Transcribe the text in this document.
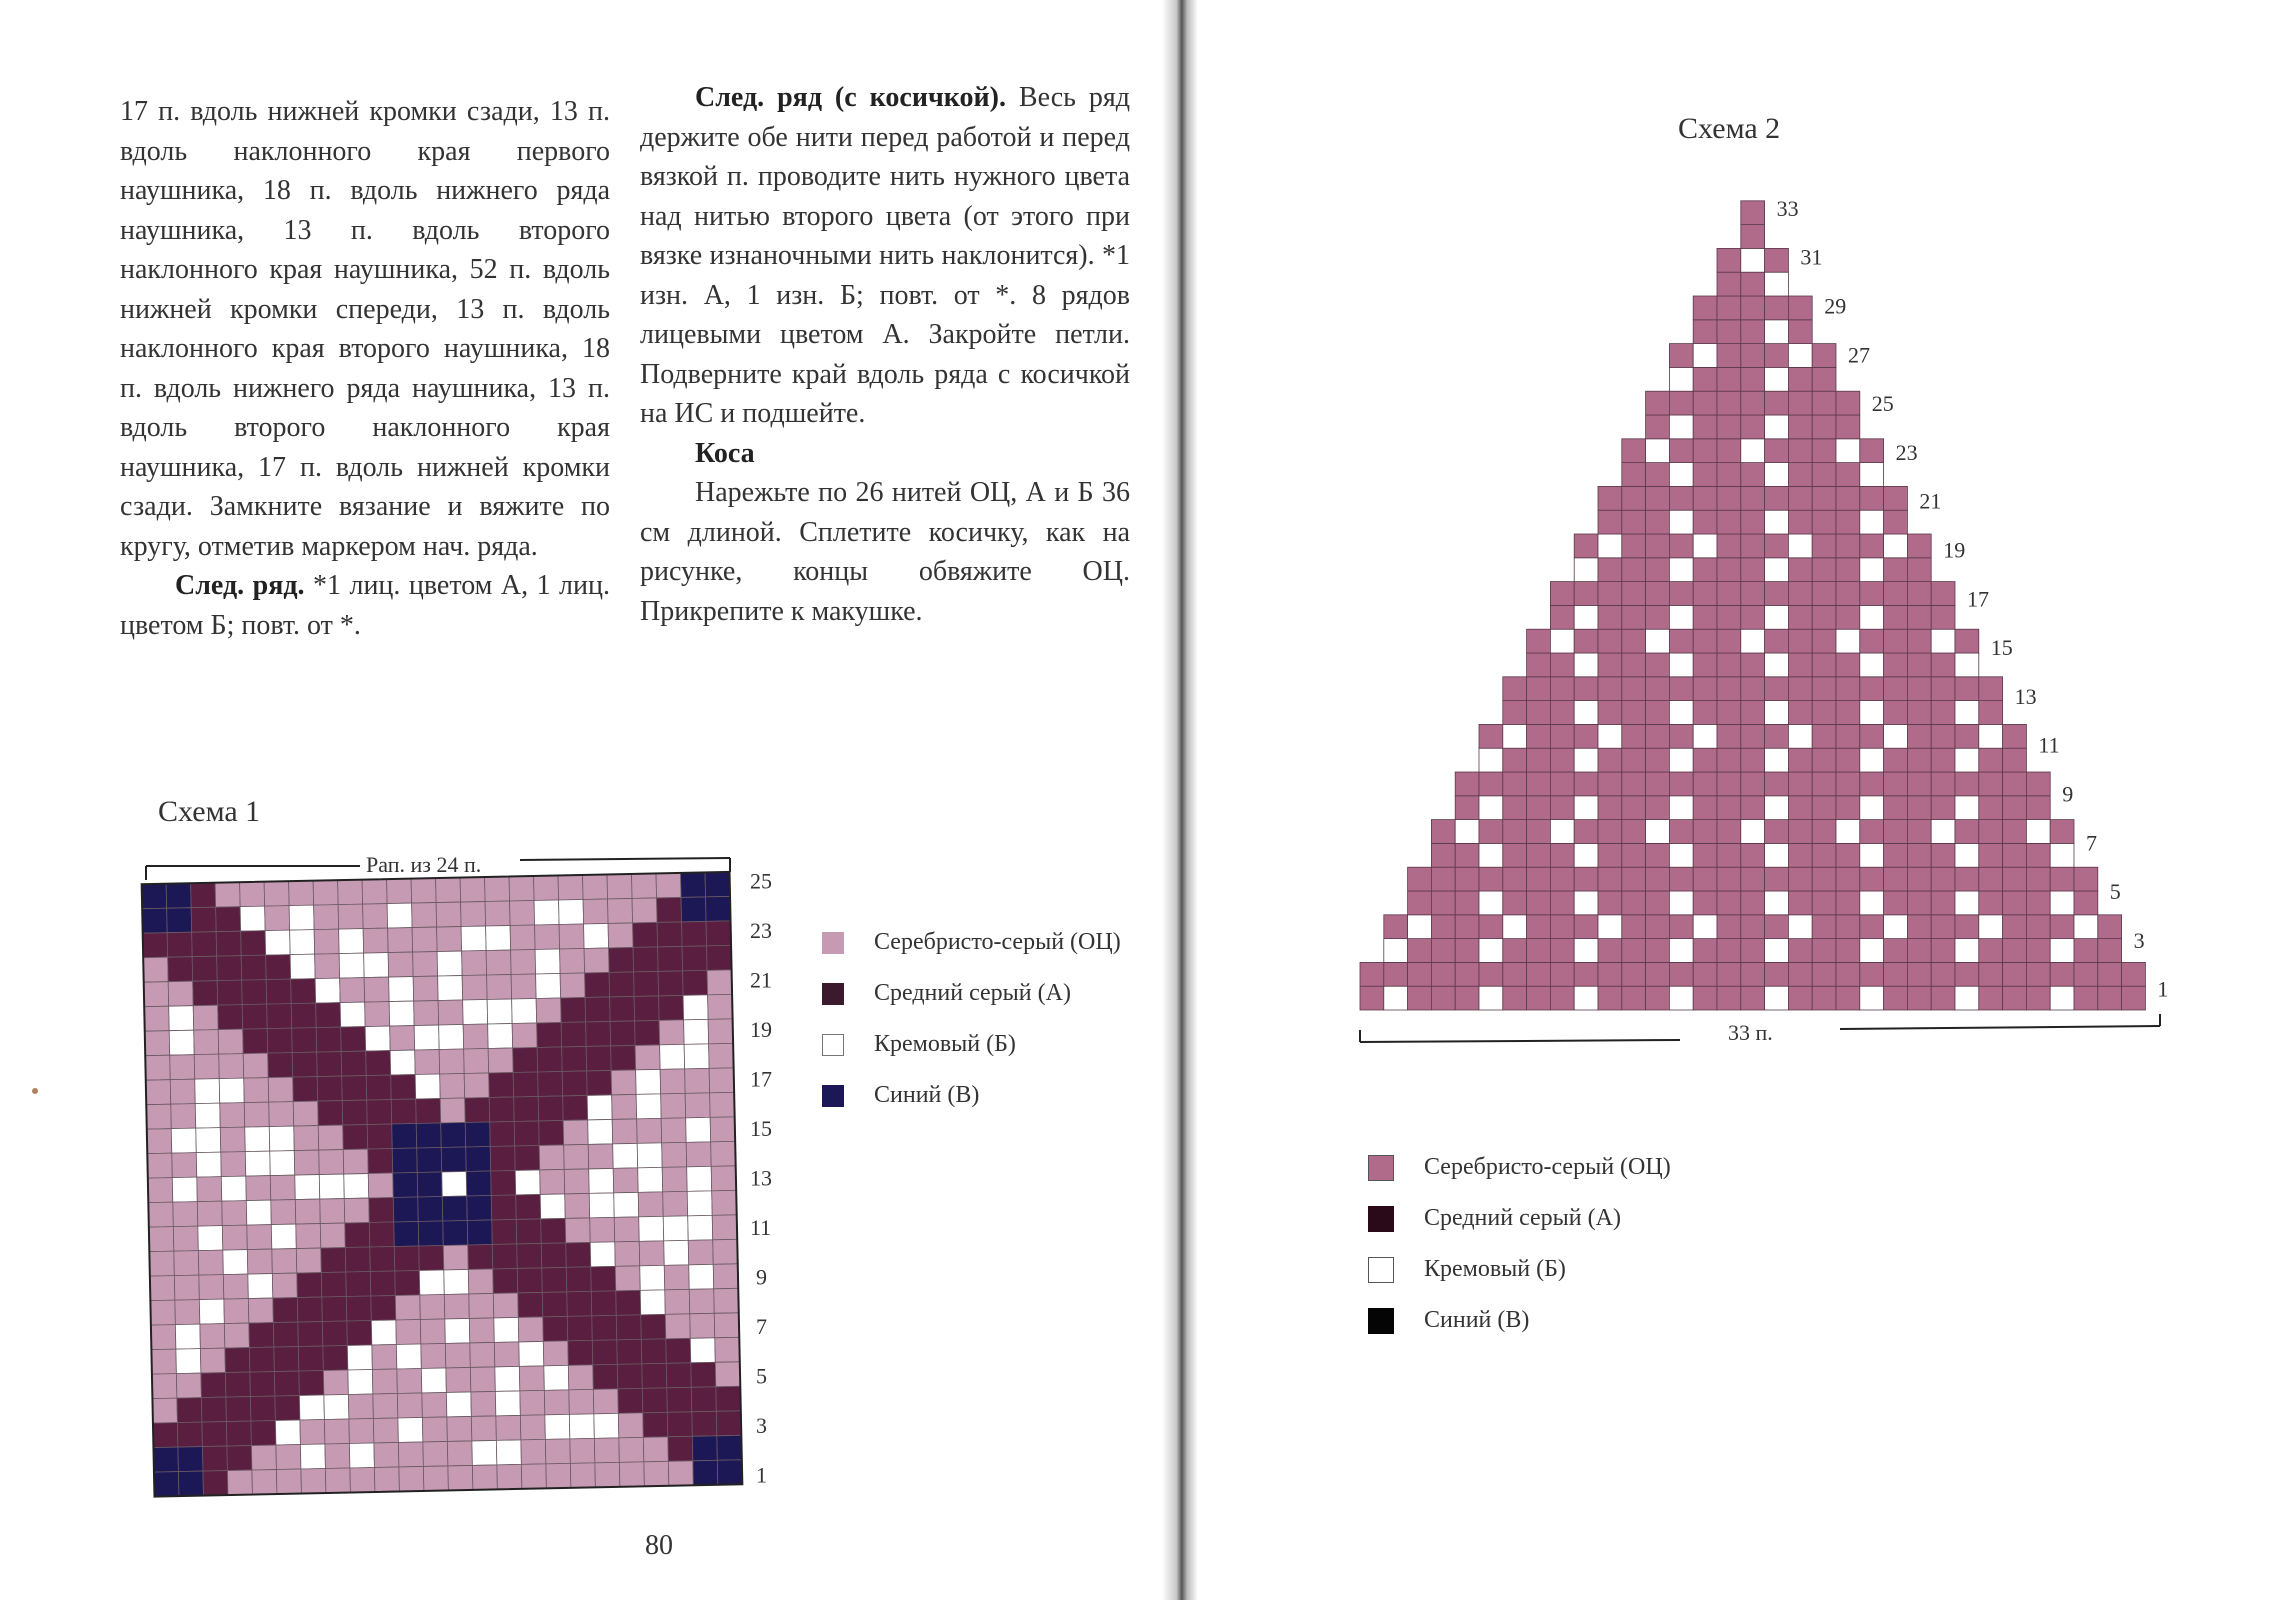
17 п. вдоль нижней кромки сзади, 13 п. вдоль наклонного края первого наушника, 18 п. вдоль нижнего ряда наушника, 13 п. вдоль второго наклонного края наушника, 52 п. вдоль нижней кромки спереди, 13 п. вдоль наклонного края второго наушника, 18 п. вдоль нижнего ряда наушника, 13 п. вдоль второго наклонного края наушника, 17 п. вдоль нижней кромки сзади. Замкните вязание и вяжите по кругу, отметив маркером нач. ряда.

След. ряд. *1 лиц. цветом А, 1 лиц. цветом Б; повт. от *.

След. ряд (с косичкой). Весь ряд держите обе нити перед работой и перед вязкой п. проводите нить нужного цвета над нитью второго цвета (от этого при вязке изнаночными нить наклонится). *1 изн. А, 1 изн. Б; повт. от *. 8 рядов лицевыми цветом А. Закройте петли. Подверните край вдоль ряда с косичкой на ИС и подшейте.

Коса

Нарежьте по 26 нитей ОЦ, А и Б 36 см длиной. Сплетите косичку, как на рисунке, концы обвяжите ОЦ. Прикрепите к макушке.

Схема 1
Схема 2
Серебристо-серый (ОЦ)
Средний серый (А)
Кремовый (Б)
Синий (В)
Серебристо-серый (ОЦ)
Средний серый (А)
Кремовый (Б)
Синий (В)
80
Рап. из 24 п.
1
3
5
7
9
11
13
15
17
19
21
23
25
33 п.
1
3
5
7
9
11
13
15
17
19
21
23
25
27
29
31
33
